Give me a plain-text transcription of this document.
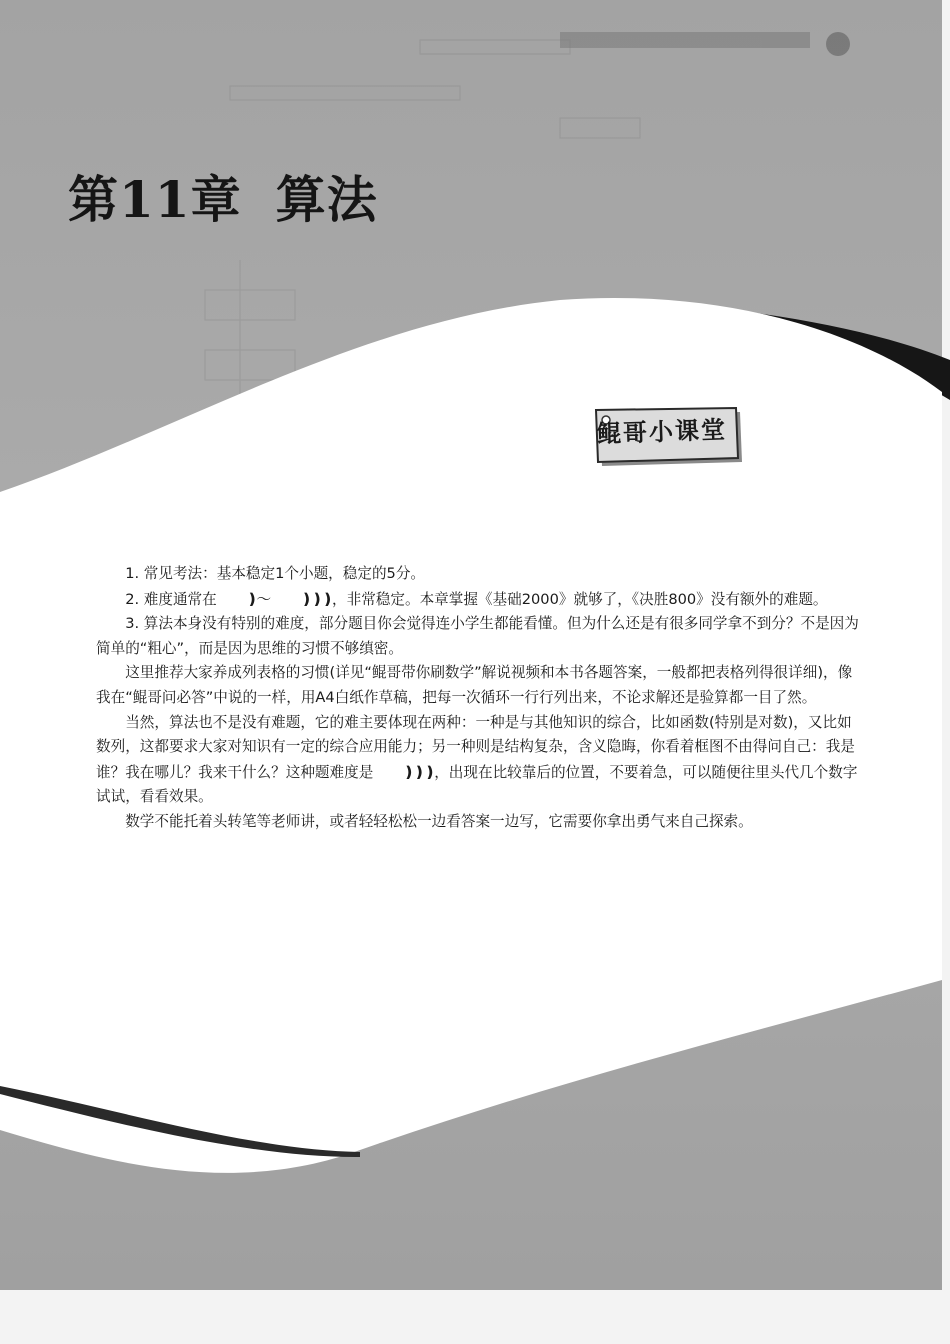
第11章 算法
鲲哥小课堂

1. 常见考法：基本稳定1个小题，稳定的5分。

2. 难度通常在 ❫～ ❫❫❫，非常稳定。本章掌握《基础2000》就够了，《决胜800》没有额外的难题。

3. 算法本身没有特别的难度，部分题目你会觉得连小学生都能看懂。但为什么还是有很多同学拿不到分？不是因为简单的“粗心”，而是因为思维的习惯不够缜密。

这里推荐大家养成列表格的习惯(详见“鲲哥带你刷数学”解说视频和本书各题答案，一般都把表格列得很详细)，像我在“鲲哥问必答”中说的一样，用A4白纸作草稿，把每一次循环一行行列出来，不论求解还是验算都一目了然。

当然，算法也不是没有难题，它的难主要体现在两种：一种是与其他知识的综合，比如函数(特别是对数)，又比如数列，这都要求大家对知识有一定的综合应用能力；另一种则是结构复杂，含义隐晦，你看着框图不由得问自己：我是谁？我在哪儿？我来干什么？这种题难度是 ❫❫❫，出现在比较靠后的位置，不要着急，可以随便往里头代几个数字试试，看看效果。

数学不能托着头转笔等老师讲，或者轻轻松松一边看答案一边写，它需要你拿出勇气来自己探索。
